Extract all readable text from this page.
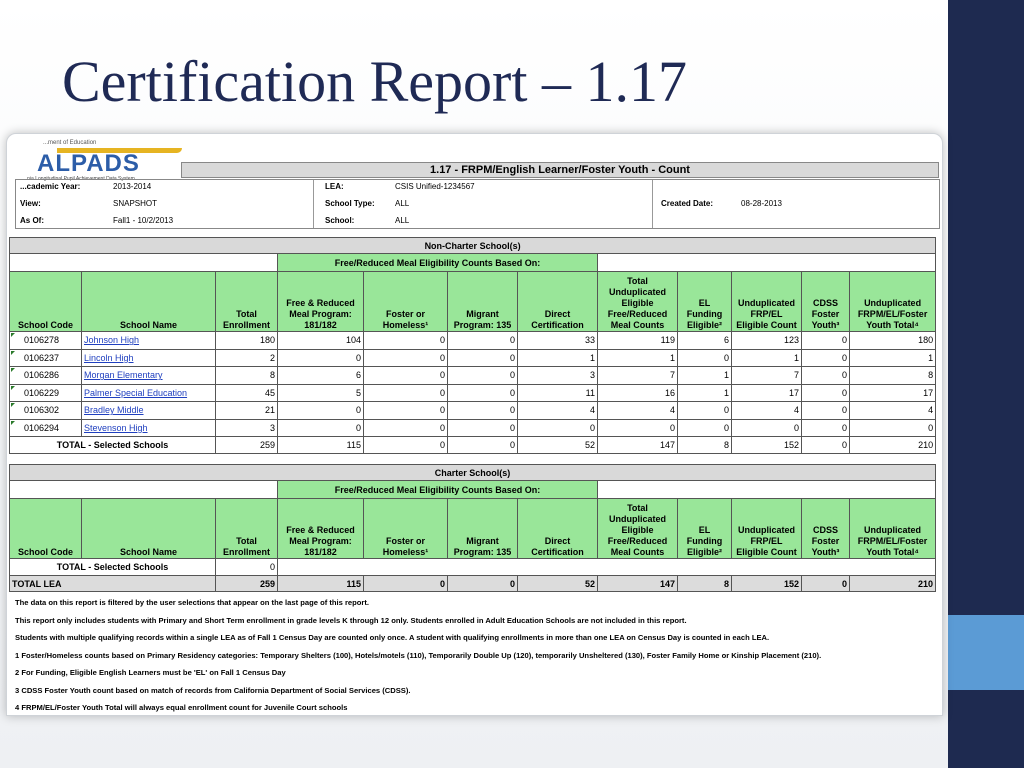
Certification Report – 1.17
...ment of Education
ALPADS
...nia Longitudinal Pupil Achievement Data System
1.17 - FRPM/English Learner/Foster Youth - Count
...cademic Year:	2013-2014
View:	SNAPSHOT
As Of:	Fall1 - 10/2/2013
LEA:	CSIS Unified-1234567
School Type:	ALL
School:	ALL
Created Date:	08-28-2013
Non-Charter School(s)											
			Free/Reduced Meal Eligibility Counts Based On:								
School Code	School Name	Total Enrollment	Free & Reduced Meal Program: 181/182	Foster or Homeless¹	Migrant Program: 135	Direct Certification	Total Unduplicated Eligible Free/Reduced Meal Counts	EL Funding Eligible²	Unduplicated FRP/EL Eligible Count	CDSS Foster Youth³	Unduplicated FRPM/EL/Foster Youth Total⁴
0106278	Johnson High	180	104	0	0	33	119	6	123	0	180
0106237	Lincoln High	2	0	0	0	1	1	0	1	0	1
0106286	Morgan Elementary	8	6	0	0	3	7	1	7	0	8
0106229	Palmer Special Education	45	5	0	0	11	16	1	17	0	17
0106302	Bradley Middle	21	0	0	0	4	4	0	4	0	4
0106294	Stevenson High	3	0	0	0	0	0	0	0	0	0
TOTAL - Selected Schools		259	115	0	0	52	147	8	152	0	210
Charter School(s)											
			Free/Reduced Meal Eligibility Counts Based On:								
School Code	School Name	Total Enrollment	Free & Reduced Meal Program: 181/182	Foster or Homeless¹	Migrant Program: 135	Direct Certification	Total Unduplicated Eligible Free/Reduced Meal Counts	EL Funding Eligible²	Unduplicated FRP/EL Eligible Count	CDSS Foster Youth³	Unduplicated FRPM/EL/Foster Youth Total⁴
TOTAL - Selected Schools		0									
TOTAL LEA		259	115	0	0	52	147	8	152	0	210
The data on this report is filtered by the user selections that appear on the last page of this report.
This report only includes students with Primary and Short Term enrollment in grade levels K through 12 only. Students enrolled in Adult Education Schools are not included in this report.
Students with multiple qualifying records within a single LEA as of Fall 1 Census Day are counted only once. A student with qualifying enrollments in more than one LEA on Census Day is counted in each LEA.
1 Foster/Homeless counts based on Primary Residency categories: Temporary Shelters (100), Hotels/motels (110), Temporarily Double Up (120), temporarily Unsheltered (130), Foster Family Home or Kinship Placement (210).
2 For Funding, Eligible English Learners must be 'EL' on Fall 1 Census Day
3 CDSS Foster Youth count based on match of records from California Department of Social Services (CDSS).
4 FRPM/EL/Foster Youth Total will always equal enrollment count for Juvenile Court schools
